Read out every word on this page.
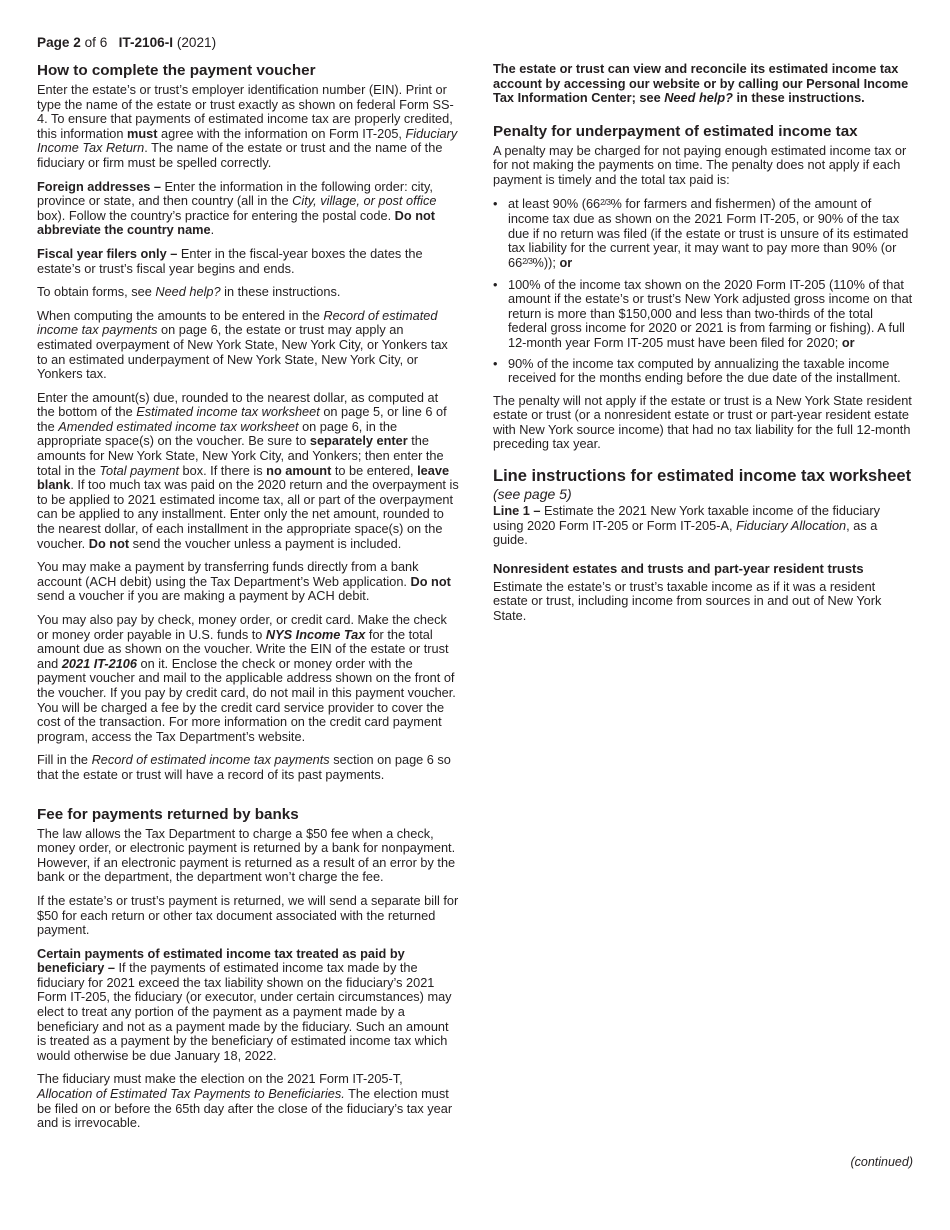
Page 2 of 6 IT-2106-I (2021)
How to complete the payment voucher

Enter the estate’s or trust’s employer identification number (EIN). Print or type the name of the estate or trust exactly as shown on federal Form SS-4. To ensure that payments of estimated income tax are properly credited, this information must agree with the information on Form IT-205, Fiduciary Income Tax Return. The name of the estate or trust and the name of the fiduciary or firm must be spelled correctly.

Foreign addresses – Enter the information in the following order: city, province or state, and then country (all in the City, village, or post office box). Follow the country’s practice for entering the postal code. Do not abbreviate the country name.

Fiscal year filers only – Enter in the fiscal-year boxes the dates the estate’s or trust’s fiscal year begins and ends.

To obtain forms, see Need help? in these instructions.

When computing the amounts to be entered in the Record of estimated income tax payments on page 6, the estate or trust may apply an estimated overpayment of New York State, New York City, or Yonkers tax to an estimated underpayment of New York State, New York City, or Yonkers tax.

Enter the amount(s) due, rounded to the nearest dollar, as computed at the bottom of the Estimated income tax worksheet on page 5, or line 6 of the Amended estimated income tax worksheet on page 6, in the appropriate space(s) on the voucher. Be sure to separately enter the amounts for New York State, New York City, and Yonkers; then enter the total in the Total payment box. If there is no amount to be entered, leave blank. If too much tax was paid on the 2020 return and the overpayment is to be applied to 2021 estimated income tax, all or part of the overpayment can be applied to any installment. Enter only the net amount, rounded to the nearest dollar, of each installment in the appropriate space(s) on the voucher. Do not send the voucher unless a payment is included.

You may make a payment by transferring funds directly from a bank account (ACH debit) using the Tax Department’s Web application. Do not send a voucher if you are making a payment by ACH debit.

You may also pay by check, money order, or credit card. Make the check or money order payable in U.S. funds to NYS Income Tax for the total amount due as shown on the voucher. Write the EIN of the estate or trust and 2021 IT-2106 on it. Enclose the check or money order with the payment voucher and mail to the applicable address shown on the front of the voucher. If you pay by credit card, do not mail in this payment voucher. You will be charged a fee by the credit card service provider to cover the cost of the transaction. For more information on the credit card payment program, access the Tax Department’s website.

Fill in the Record of estimated income tax payments section on page 6 so that the estate or trust will have a record of its past payments.

Fee for payments returned by banks

The law allows the Tax Department to charge a $50 fee when a check, money order, or electronic payment is returned by a bank for nonpayment. However, if an electronic payment is returned as a result of an error by the bank or the department, the department won’t charge the fee.

If the estate’s or trust’s payment is returned, we will send a separate bill for $50 for each return or other tax document associated with the returned payment.

Certain payments of estimated income tax treated as paid by beneficiary – If the payments of estimated income tax made by the fiduciary for 2021 exceed the tax liability shown on the fiduciary’s 2021 Form IT-205, the fiduciary (or executor, under certain circumstances) may elect to treat any portion of the payment as a payment made by a beneficiary and not as a payment made by the fiduciary. Such an amount is treated as a payment by the beneficiary of estimated income tax which would otherwise be due January 18, 2022.

The fiduciary must make the election on the 2021 Form IT-205-T, Allocation of Estimated Tax Payments to Beneficiaries. The election must be filed on or before the 65th day after the close of the fiduciary’s tax year and is irrevocable.

The estate or trust can view and reconcile its estimated income tax account by accessing our website or by calling our Personal Income Tax Information Center; see Need help? in these instructions.

Penalty for underpayment of estimated income tax

A penalty may be charged for not paying enough estimated income tax or for not making the payments on time. The penalty does not apply if each payment is timely and the total tax paid is:

• at least 90% ($66^{2/3}\%$ for farmers and fishermen) of the amount of income tax due as shown on the 2021 Form IT-205, or 90% of the tax due if no return was filed (if the estate or trust is unsure of its estimated tax liability for the current year, it may want to pay more than 90% (or $66^{2/3}\%$)); or
• 100% of the income tax shown on the 2020 Form IT-205 (110% of that amount if the estate’s or trust’s New York adjusted gross income on that return is more than $150,000 and less than two-thirds of the total federal gross income for 2020 or 2021 is from farming or fishing). A full 12-month year Form IT-205 must have been filed for 2020; or
• 90% of the income tax computed by annualizing the taxable income received for the months ending before the due date of the installment.

The penalty will not apply if the estate or trust is a New York State resident estate or trust (or a nonresident estate or trust or part-year resident estate with New York source income) that had no tax liability for the full 12-month preceding tax year.

Line instructions for estimated income tax worksheet
(see page 5)

Line 1 – Estimate the 2021 New York taxable income of the fiduciary using 2020 Form IT-205 or Form IT-205-A, Fiduciary Allocation, as a guide.

Nonresident estates and trusts and part-year resident trusts

Estimate the estate’s or trust’s taxable income as if it was a resident estate or trust, including income from sources in and out of New York State.

(continued)
